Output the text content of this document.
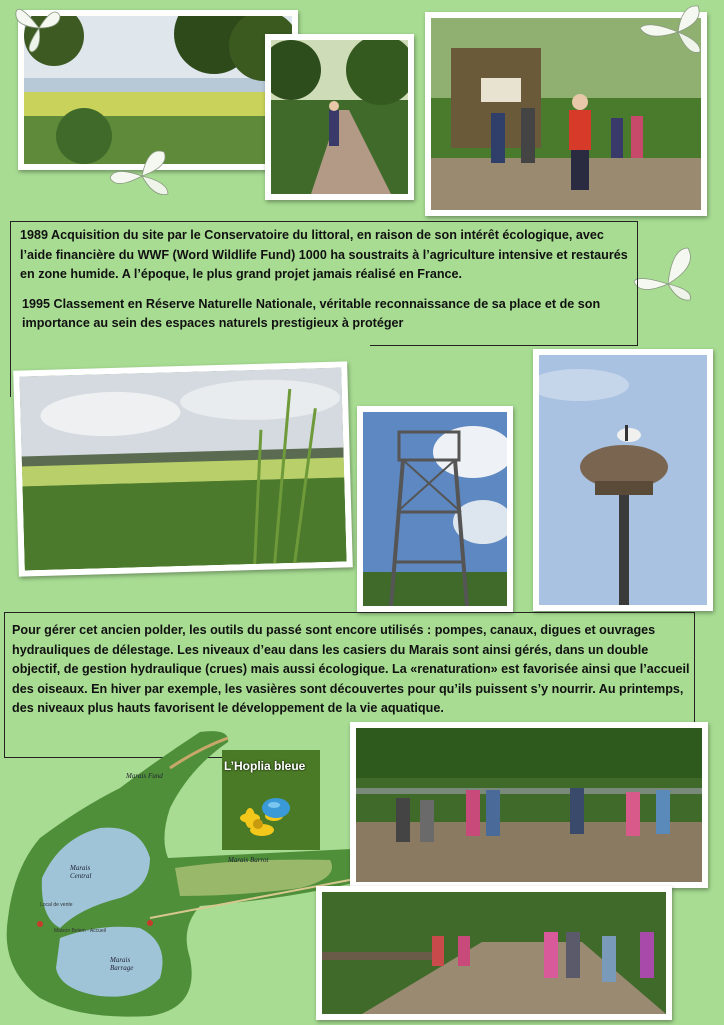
1989 Acquisition du site par le Conservatoire du littoral, en raison de son intérêt écologique, avec l’aide financière du WWF (Word Wildlife Fund) 1000 ha soustraits à l’agriculture intensive et restaurés en zone humide. A l’époque, le plus grand projet jamais réalisé en France.

1995 Classement en Réserve Naturelle Nationale, véritable reconnaissance de sa place et de son importance au sein des espaces naturels prestigieux à protéger

Pour gérer cet ancien polder, les outils du passé sont encore utilisés : pompes, canaux, digues et ouvrages hydrauliques de délestage. Les niveaux d’eau dans les casiers du Marais sont ainsi gérés, dans un double objectif, de gestion hydraulique (crues) mais aussi écologique. La «renaturation» est favorisée ainsi que l’accueil des oiseaux. En hiver par exemple, les vasières sont découvertes pour qu’ils puissent s’y nourrir. Au printemps, des niveaux plus hauts favorisent le développement de la vie aquatique.

Marais Fund
Marais Central
Marais Barrot
Marais Barrage
Maison Belem - Accueil
Local de vente
L’Hoplia bleue
